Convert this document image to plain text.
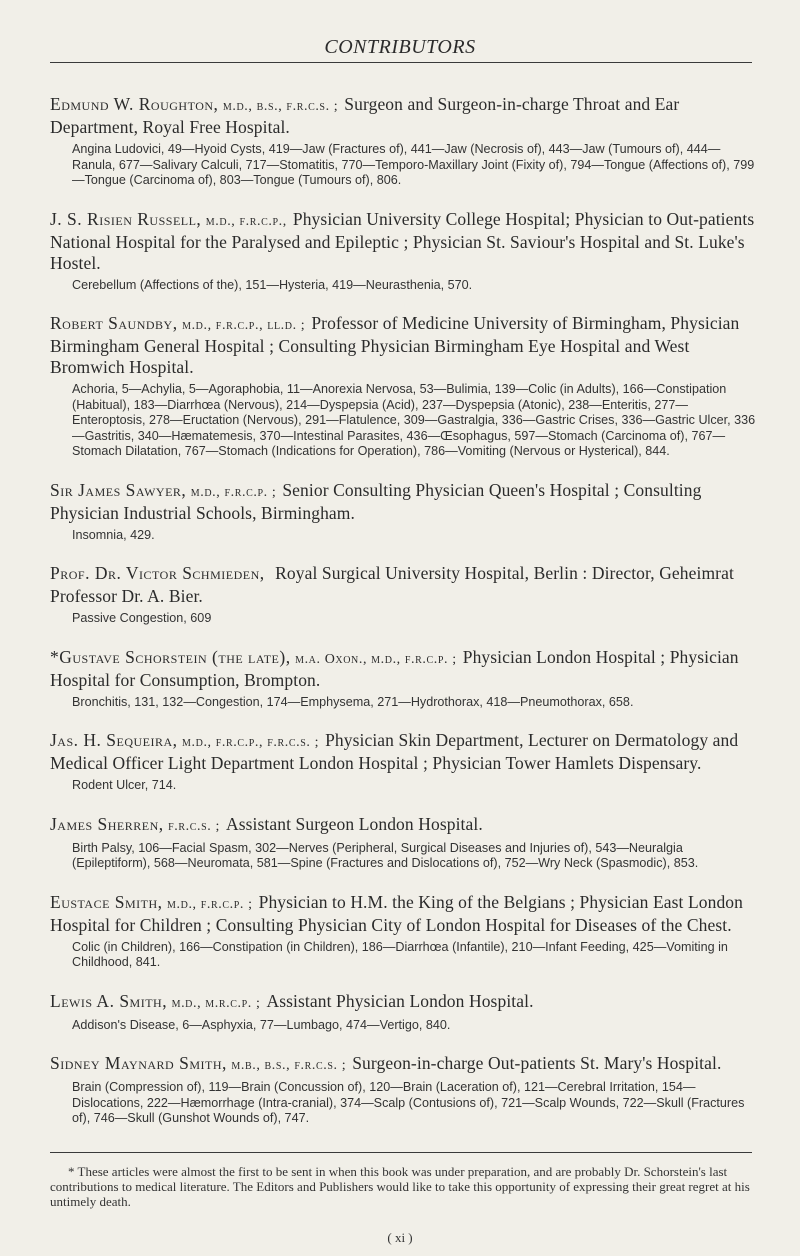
CONTRIBUTORS

Edmund W. Roughton, m.d., b.s., f.r.c.s. ; Surgeon and Surgeon-in-charge Throat and Ear Department, Royal Free Hospital.

Angina Ludovici, 49—Hyoid Cysts, 419—Jaw (Fractures of), 441—Jaw (Necrosis of), 443—Jaw (Tumours of), 444—Ranula, 677—Salivary Calculi, 717—Stomatitis, 770—Temporo-Maxillary Joint (Fixity of), 794—Tongue (Affections of), 799—Tongue (Carcinoma of), 803—Tongue (Tumours of), 806.

J. S. Risien Russell, m.d., f.r.c.p., Physician University College Hospital; Physician to Out-patients National Hospital for the Paralysed and Epileptic ; Physician St. Saviour's Hospital and St. Luke's Hostel.

Cerebellum (Affections of the), 151—Hysteria, 419—Neurasthenia, 570.

Robert Saundby, m.d., f.r.c.p., ll.d. ; Professor of Medicine University of Birmingham, Physician Birmingham General Hospital ; Consulting Physician Birmingham Eye Hospital and West Bromwich Hospital.

Achoria, 5—Achylia, 5—Agoraphobia, 11—Anorexia Nervosa, 53—Bulimia, 139—Colic (in Adults), 166—Constipation (Habitual), 183—Diarrhœa (Nervous), 214—Dyspepsia (Acid), 237—Dyspepsia (Atonic), 238—Enteritis, 277—Enteroptosis, 278—Eructation (Nervous), 291—Flatulence, 309—Gastralgia, 336—Gastric Crises, 336—Gastric Ulcer, 336—Gastritis, 340—Hæmatemesis, 370—Intestinal Parasites, 436—Œsophagus, 597—Stomach (Carcinoma of), 767—Stomach Dilatation, 767—Stomach (Indications for Operation), 786—Vomiting (Nervous or Hysterical), 844.

Sir James Sawyer, m.d., f.r.c.p. ; Senior Consulting Physician Queen's Hospital ; Consulting Physician Industrial Schools, Birmingham.

Insomnia, 429.

Prof. Dr. Victor Schmieden, Royal Surgical University Hospital, Berlin : Director, Geheimrat Professor Dr. A. Bier.

Passive Congestion, 609

*Gustave Schorstein (the late), m.a. Oxon., m.d., f.r.c.p. ; Physician London Hospital ; Physician Hospital for Consumption, Brompton.

Bronchitis, 131, 132—Congestion, 174—Emphysema, 271—Hydrothorax, 418—Pneumothorax, 658.

Jas. H. Sequeira, m.d., f.r.c.p., f.r.c.s. ; Physician Skin Department, Lecturer on Dermatology and Medical Officer Light Department London Hospital ; Physician Tower Hamlets Dispensary.

Rodent Ulcer, 714.

James Sherren, f.r.c.s. ; Assistant Surgeon London Hospital.

Birth Palsy, 106—Facial Spasm, 302—Nerves (Peripheral, Surgical Diseases and Injuries of), 543—Neuralgia (Epileptiform), 568—Neuromata, 581—Spine (Fractures and Dislocations of), 752—Wry Neck (Spasmodic), 853.

Eustace Smith, m.d., f.r.c.p. ; Physician to H.M. the King of the Belgians ; Physician East London Hospital for Children ; Consulting Physician City of London Hospital for Diseases of the Chest.

Colic (in Children), 166—Constipation (in Children), 186—Diarrhœa (Infantile), 210—Infant Feeding, 425—Vomiting in Childhood, 841.

Lewis A. Smith, m.d., m.r.c.p. ; Assistant Physician London Hospital.

Addison's Disease, 6—Asphyxia, 77—Lumbago, 474—Vertigo, 840.

Sidney Maynard Smith, m.b., b.s., f.r.c.s. ; Surgeon-in-charge Out-patients St. Mary's Hospital.

Brain (Compression of), 119—Brain (Concussion of), 120—Brain (Laceration of), 121—Cerebral Irritation, 154—Dislocations, 222—Hæmorrhage (Intra-cranial), 374—Scalp (Contusions of), 721—Scalp Wounds, 722—Skull (Fractures of), 746—Skull (Gunshot Wounds of), 747.
* These articles were almost the first to be sent in when this book was under preparation, and are probably Dr. Schorstein's last contributions to medical literature. The Editors and Publishers would like to take this opportunity of expressing their great regret at his untimely death.
( xi )
